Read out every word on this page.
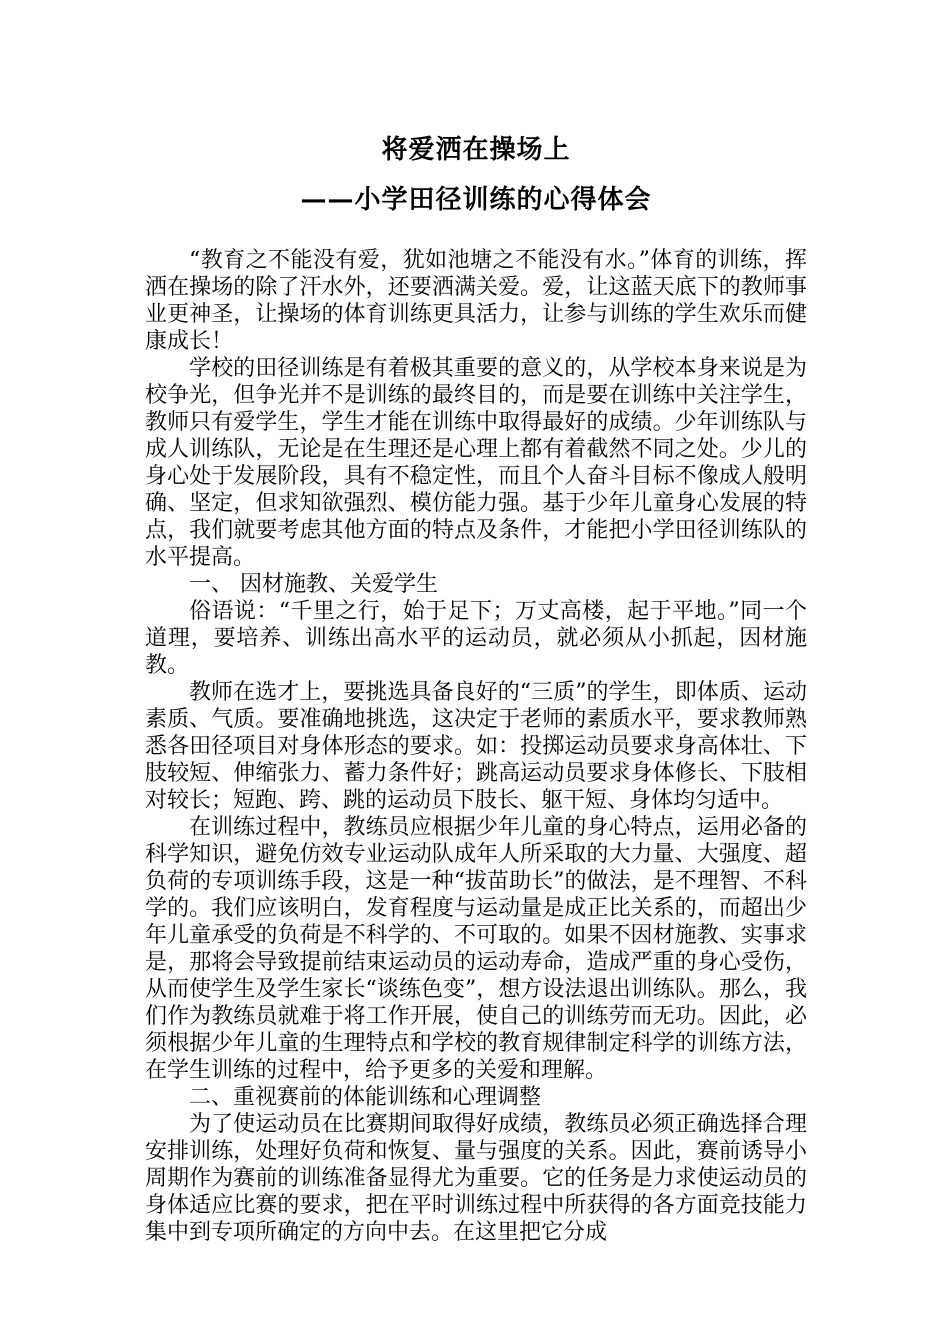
将爱洒在操场上
——小学田径训练的心得体会

“教育之不能没有爱，犹如池塘之不能没有水。”体育的训练，挥洒在操场的除了汗水外，还要洒满关爱。爱，让这蓝天底下的教师事业更神圣，让操场的体育训练更具活力，让参与训练的学生欢乐而健康成长！

学校的田径训练是有着极其重要的意义的，从学校本身来说是为校争光，但争光并不是训练的最终目的，而是要在训练中关注学生，教师只有爱学生，学生才能在训练中取得最好的成绩。少年训练队与成人训练队，无论是在生理还是心理上都有着截然不同之处。少儿的身心处于发展阶段，具有不稳定性，而且个人奋斗目标不像成人般明确、坚定，但求知欲强烈、模仿能力强。基于少年儿童身心发展的特点，我们就要考虑其他方面的特点及条件，才能把小学田径训练队的水平提高。

一、 因材施教、关爱学生

俗语说：“千里之行，始于足下；万丈高楼，起于平地。”同一个道理，要培养、训练出高水平的运动员，就必须从小抓起，因材施教。

教师在选才上，要挑选具备良好的“三质”的学生，即体质、运动素质、气质。要准确地挑选，这决定于老师的素质水平，要求教师熟悉各田径项目对身体形态的要求。如：投掷运动员要求身高体壮、下肢较短、伸缩张力、蓄力条件好；跳高运动员要求身体修长、下肢相对较长；短跑、跨、跳的运动员下肢长、躯干短、身体均匀适中。

在训练过程中，教练员应根据少年儿童的身心特点，运用必备的科学知识，避免仿效专业运动队成年人所采取的大力量、大强度、超负荷的专项训练手段，这是一种“拔苗助长”的做法，是不理智、不科学的。我们应该明白，发育程度与运动量是成正比关系的，而超出少年儿童承受的负荷是不科学的、不可取的。如果不因材施教、实事求是，那将会导致提前结束运动员的运动寿命，造成严重的身心受伤，从而使学生及学生家长“谈练色变”，想方设法退出训练队。那么，我们作为教练员就难于将工作开展，使自己的训练劳而无功。因此，必须根据少年儿童的生理特点和学校的教育规律制定科学的训练方法，在学生训练的过程中，给予更多的关爱和理解。

二、重视赛前的体能训练和心理调整

为了使运动员在比赛期间取得好成绩，教练员必须正确选择合理安排训练，处理好负荷和恢复、量与强度的关系。因此，赛前诱导小周期作为赛前的训练准备显得尤为重要。它的任务是力求使运动员的身体适应比赛的要求，把在平时训练过程中所获得的各方面竞技能力集中到专项所确定的方向中去。在这里把它分成
